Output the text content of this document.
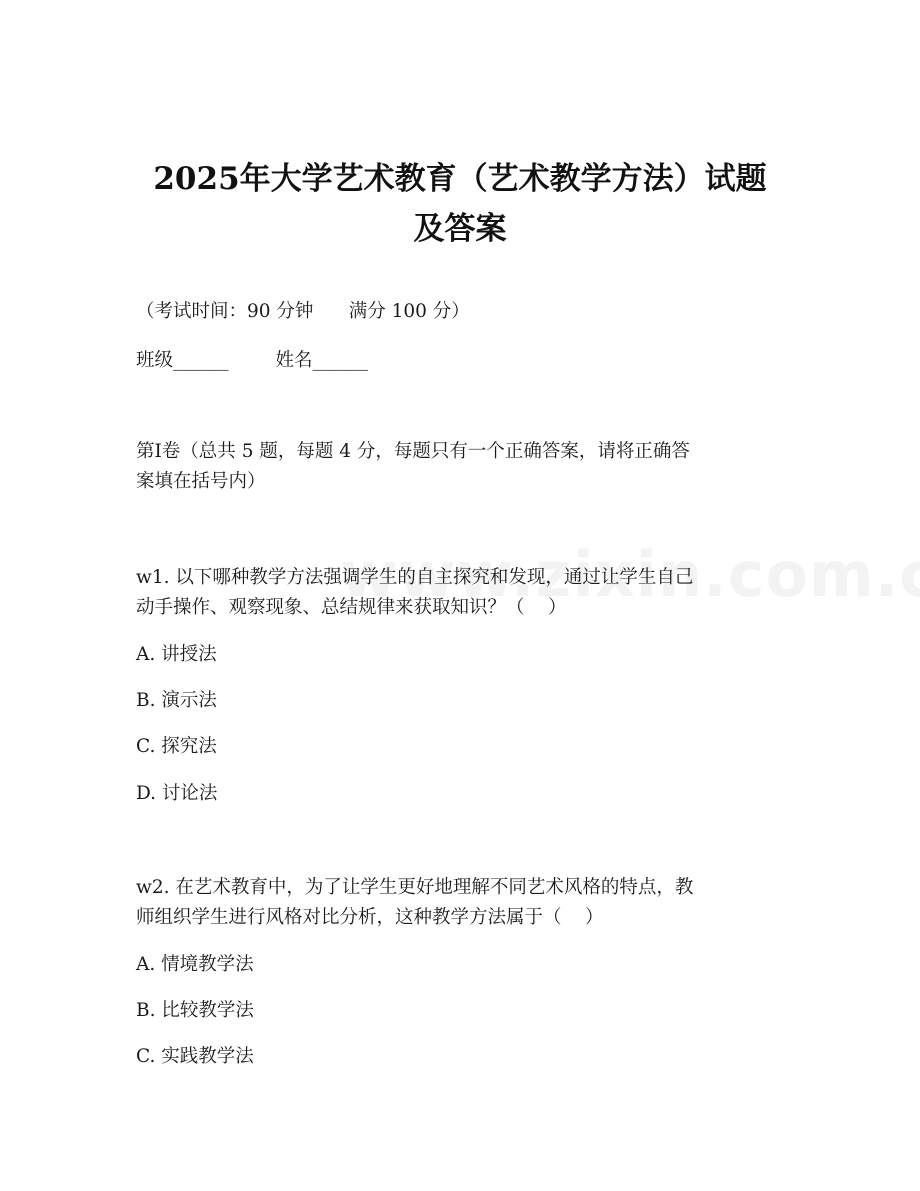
2025年大学艺术教育（艺术教学方法）试题
及答案
（考试时间：90 分钟      满分 100 分）
班级______        姓名______
第Ⅰ卷（总共 5 题，每题 4 分，每题只有一个正确答案，请将正确答
案填在括号内）
w1. 以下哪种教学方法强调学生的自主探究和发现，通过让学生自己
动手操作、观察现象、总结规律来获取知识？（    ）
A. 讲授法
B. 演示法
C. 探究法
D. 讨论法
w2. 在艺术教育中，为了让学生更好地理解不同艺术风格的特点，教
师组织学生进行风格对比分析，这种教学方法属于（    ）
A. 情境教学法
B. 比较教学法
C. 实践教学法
